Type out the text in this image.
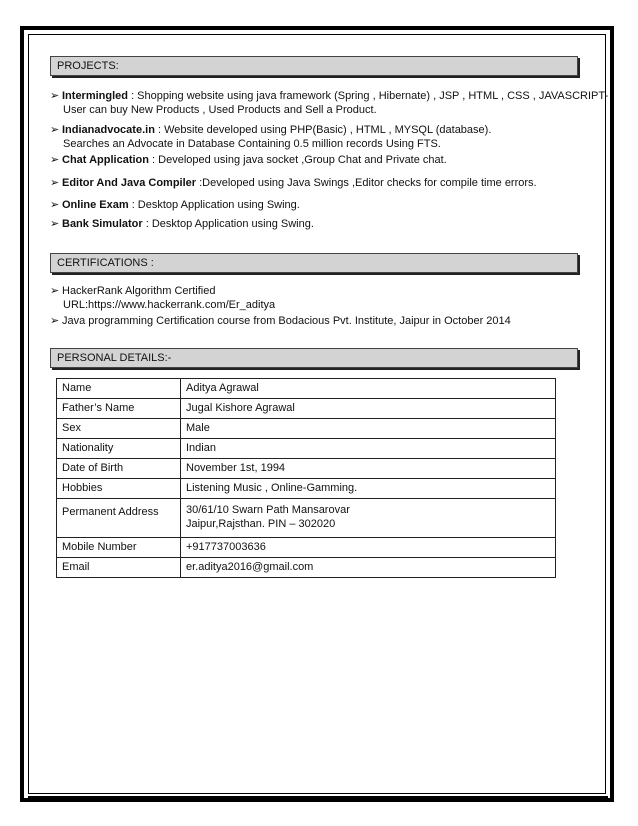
PROJECTS:
➢ Intermingled : Shopping website using java framework (Spring , Hibernate) , JSP , HTML , CSS , JAVASCRIPT-
User can buy New Products , Used Products and Sell a Product.
➢ Indianadvocate.in : Website developed using PHP(Basic) , HTML , MYSQL (database).
Searches an Advocate in Database Containing 0.5 million records Using FTS.
➢ Chat Application : Developed using java socket ,Group Chat and Private chat.
➢ Editor And Java Compiler :Developed using Java Swings ,Editor checks for compile time errors.
➢ Online Exam : Desktop Application using Swing.
➢ Bank Simulator : Desktop Application using Swing.
CERTIFICATIONS :
➢ HackerRank Algorithm Certified
URL:https://www.hackerrank.com/Er_aditya
➢ Java programming Certification course from Bodacious Pvt. Institute, Jaipur in October 2014
PERSONAL DETAILS:-
Name	Aditya Agrawal
Father’s Name	Jugal Kishore Agrawal
Sex	Male
Nationality	Indian
Date of Birth	November 1st, 1994
Hobbies	Listening Music , Online-Gamming.
Permanent Address	30/61/10 Swarn Path Mansarovar
Jaipur,Rajsthan. PIN – 302020

Mobile Number	+917737003636
Email	er.aditya2016@gmail.com
